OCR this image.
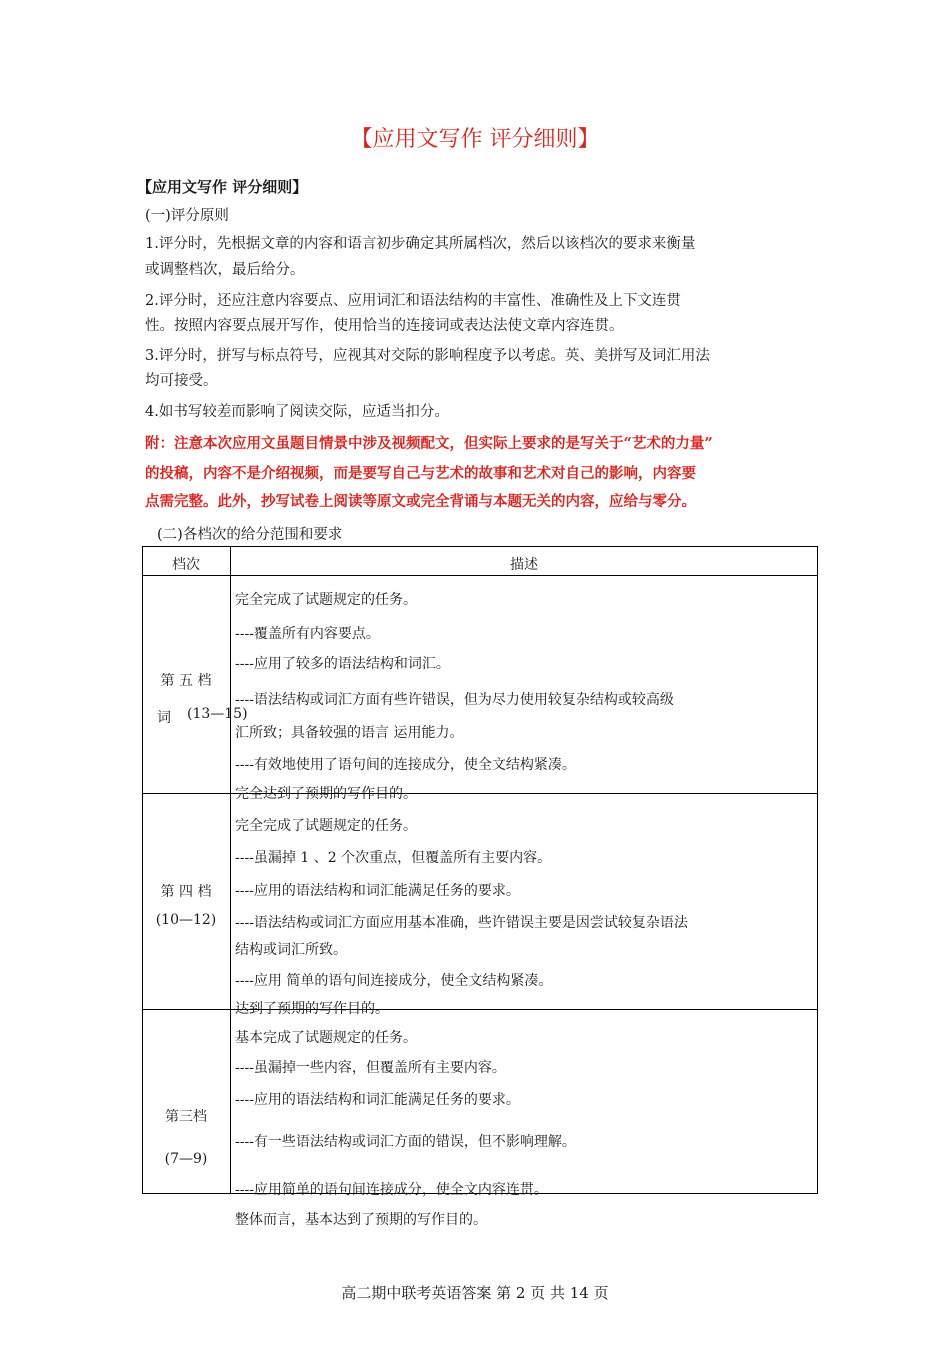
【应用文写作 评分细则】
【应用文写作 评分细则】
(一)评分原则
1.评分时，先根据文章的内容和语言初步确定其所属档次，然后以该档次的要求来衡量
或调整档次，最后给分。
2.评分时，还应注意内容要点、应用词汇和语法结构的丰富性、准确性及上下文连贯
性。按照内容要点展开写作，使用恰当的连接词或表达法使文章内容连贯。
3.评分时，拼写与标点符号，应视其对交际的影响程度予以考虑。英、美拼写及词汇用法
均可接受。
4.如书写较差而影响了阅读交际，应适当扣分。
附：注意本次应用文虽题目情景中涉及视频配文，但实际上要求的是写关于“艺术的力量”
的投稿，内容不是介绍视频，而是要写自己与艺术的故事和艺术对自己的影响，内容要
点需完整。此外，抄写试卷上阅读等原文或完全背诵与本题无关的内容，应给与零分。
(二)各档次的给分范围和要求
档次	描述
第 五 档
(13—15)
完全完成了试题规定的任务。
----覆盖所有内容要点。
----应用了较多的语法结构和词汇。
----语法结构或词汇方面有些许错误，但为尽力使用较复杂结构或较高级
词
汇所致；具备较强的语言 运用能力。
----有效地使用了语句间的连接成分，使全文结构紧凑。
完全达到了预期的写作目的。
第 四 档
(10—12)
完全完成了试题规定的任务。
----虽漏掉 1 、2 个次重点，但覆盖所有主要内容。
----应用的语法结构和词汇能满足任务的要求。
----语法结构或词汇方面应用基本准确，些许错误主要是因尝试较复杂语法
结构或词汇所致。
----应用 简单的语句间连接成分，使全文结构紧凑。
达到了预期的写作目的。
第三档
(7—9)
基本完成了试题规定的任务。
----虽漏掉一些内容，但覆盖所有主要内容。
----应用的语法结构和词汇能满足任务的要求。
----有一些语法结构或词汇方面的错误，但不影响理解。
----应用简单的语句间连接成分，使全文内容连贯。
整体而言，基本达到了预期的写作目的。
高二期中联考英语答案 第 2 页 共 14 页
